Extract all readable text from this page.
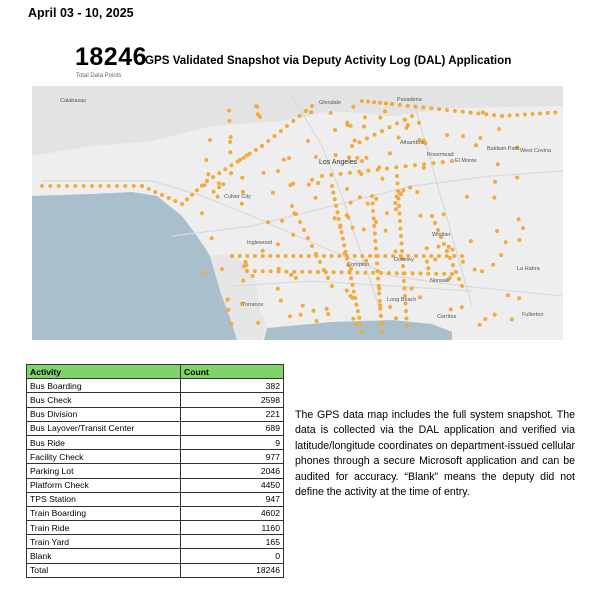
April 03 - 10, 2025
18246
Total Data Points
GPS Validated Snapshot via Deputy Activity Log (DAL) Application
Calabasas	Glendale	Pasadena
Los Angeles
Culver City
Alhambra
Rosemead
El Monte
Baldwin Park West Covina
Inglewood
Compton
Torrance
Long Beach
Downey
Norwalk
Whittier
La Habra
Fullerton
Cerritos
Activity	Count
Bus Boarding	382
Bus Check	2598
Bus Division	221
Bus Layover/Transit Center	689
Bus Ride	9
Facility Check	977
Parking Lot	2046
Platform Check	4450
TPS Station	947
Train Boarding	4602
Train Ride	1160
Train Yard	165
Blank	0
Total	18246
The GPS data map includes the full system snapshot. The data is collected via the DAL application and verified via latitude/longitude coordinates on department-issued cellular phones through a secure Microsoft application and can be audited for accuracy. “Blank” means the deputy did not define the activity at the time of entry.
